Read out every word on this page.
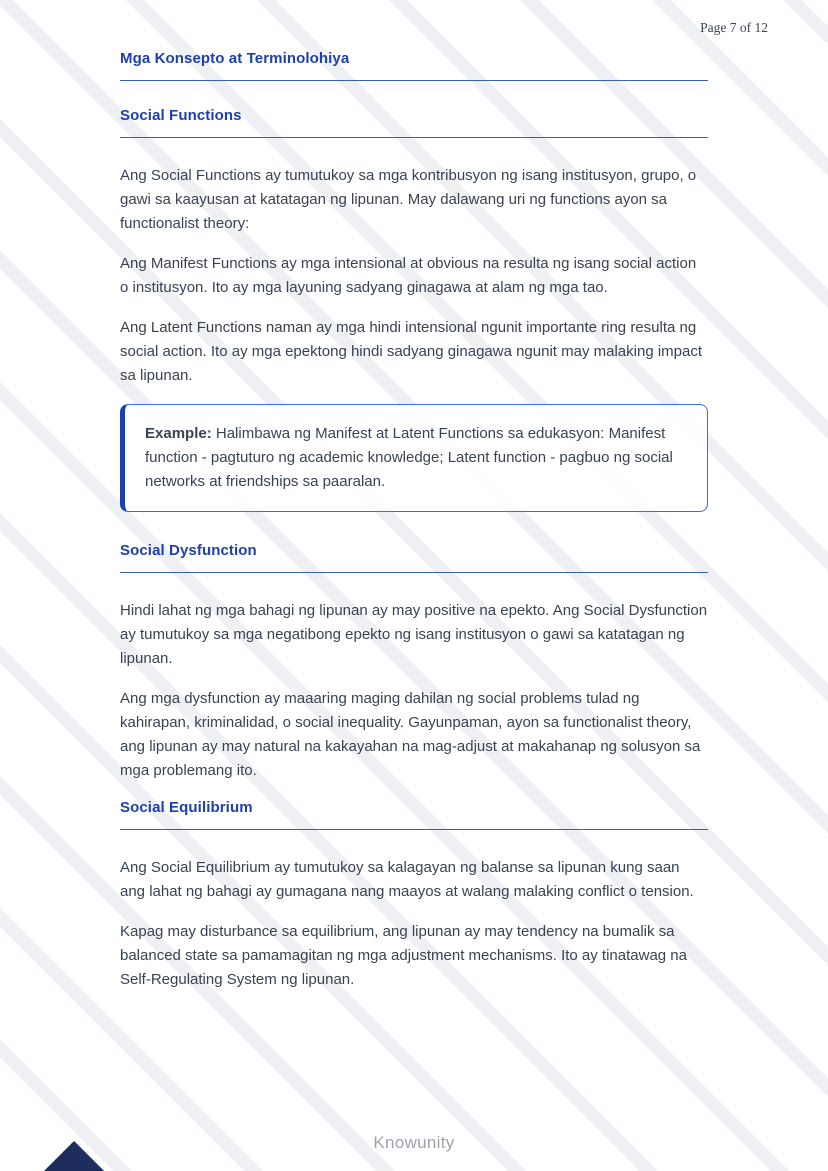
Page 7 of 12
Mga Konsepto at Terminolohiya
Social Functions

Ang Social Functions ay tumutukoy sa mga kontribusyon ng isang institusyon, grupo, o gawi sa kaayusan at katatagan ng lipunan. May dalawang uri ng functions ayon sa functionalist theory:

Ang Manifest Functions ay mga intensional at obvious na resulta ng isang social action o institusyon. Ito ay mga layuning sadyang ginagawa at alam ng mga tao.

Ang Latent Functions naman ay mga hindi intensional ngunit importante ring resulta ng social action. Ito ay mga epektong hindi sadyang ginagawa ngunit may malaking impact sa lipunan.

Example: Halimbawa ng Manifest at Latent Functions sa edukasyon: Manifest function - pagtuturo ng academic knowledge; Latent function - pagbuo ng social networks at friendships sa paaralan.

Social Dysfunction

Hindi lahat ng mga bahagi ng lipunan ay may positive na epekto. Ang Social Dysfunction ay tumutukoy sa mga negatibong epekto ng isang institusyon o gawi sa katatagan ng lipunan.

Ang mga dysfunction ay maaaring maging dahilan ng social problems tulad ng kahirapan, kriminalidad, o social inequality. Gayunpaman, ayon sa functionalist theory, ang lipunan ay may natural na kakayahan na mag-adjust at makahanap ng solusyon sa mga problemang ito.

Social Equilibrium

Ang Social Equilibrium ay tumutukoy sa kalagayan ng balanse sa lipunan kung saan ang lahat ng bahagi ay gumagana nang maayos at walang malaking conflict o tension.

Kapag may disturbance sa equilibrium, ang lipunan ay may tendency na bumalik sa balanced state sa pamamagitan ng mga adjustment mechanisms. Ito ay tinatawag na Self-Regulating System ng lipunan.

Knowunity
